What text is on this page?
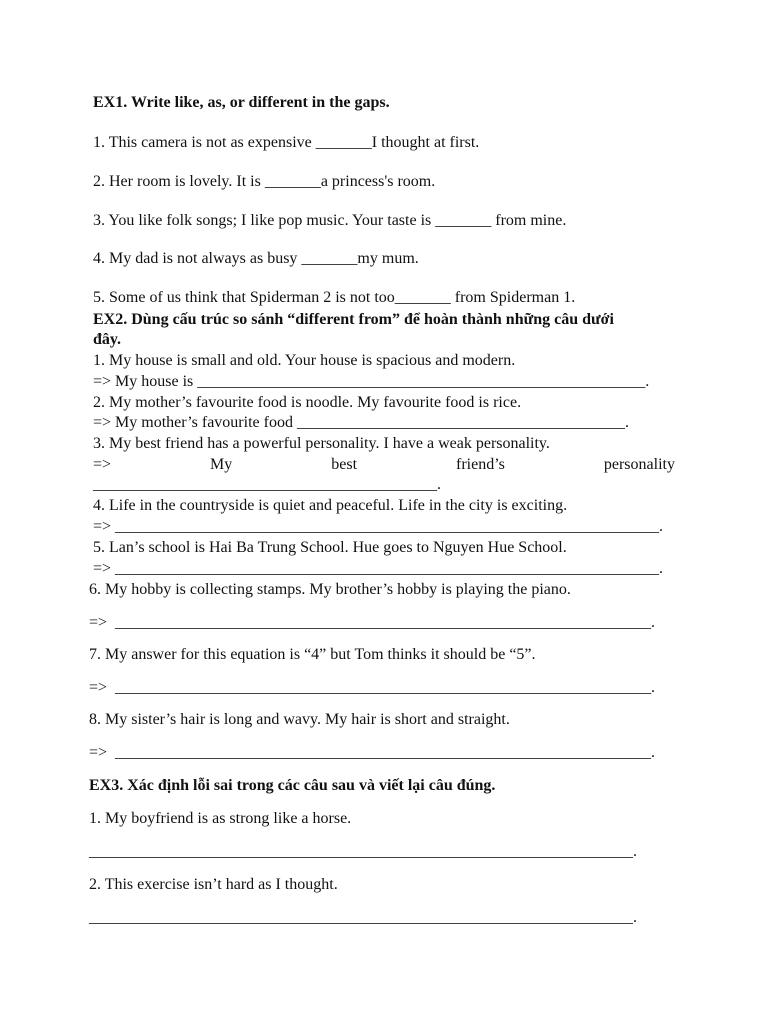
EX1. Write like, as, or different in the gaps.
1. This camera is not as expensive _______I thought at first.
2. Her room is lovely. It is _______a princess's room.
3. You like folk songs; I like pop music. Your taste is _______ from mine.
4. My dad is not always as busy _______my mum.
5. Some of us think that Spiderman 2 is not too_______ from Spiderman 1.
EX2. Dùng cấu trúc so sánh “different from” để hoàn thành những câu dưới
đây.
1. My house is small and old. Your house is spacious and modern.
=> My house is ________________________________________________________.
2. My mother’s favourite food is noodle. My favourite food is rice.
=> My mother’s favourite food _________________________________________.
3. My best friend has a powerful personality. I have a weak personality.
=>	My	best	friend’s	personality
___________________________________________.
4. Life in the countryside is quiet and peaceful. Life in the city is exciting.
=> ____________________________________________________________________.
5. Lan’s school is Hai Ba Trung School. Hue goes to Nguyen Hue School.
=> ____________________________________________________________________.
6. My hobby is collecting stamps. My brother’s hobby is playing the piano.
=>  ___________________________________________________________________.
7. My answer for this equation is “4” but Tom thinks it should be “5”.
=>  ___________________________________________________________________.
8. My sister’s hair is long and wavy. My hair is short and straight.
=>  ___________________________________________________________________.
EX3. Xác định lỗi sai trong các câu sau và viết lại câu đúng.
1. My boyfriend is as strong like a horse.
____________________________________________________________________.
2. This exercise isn’t hard as I thought.
____________________________________________________________________.
